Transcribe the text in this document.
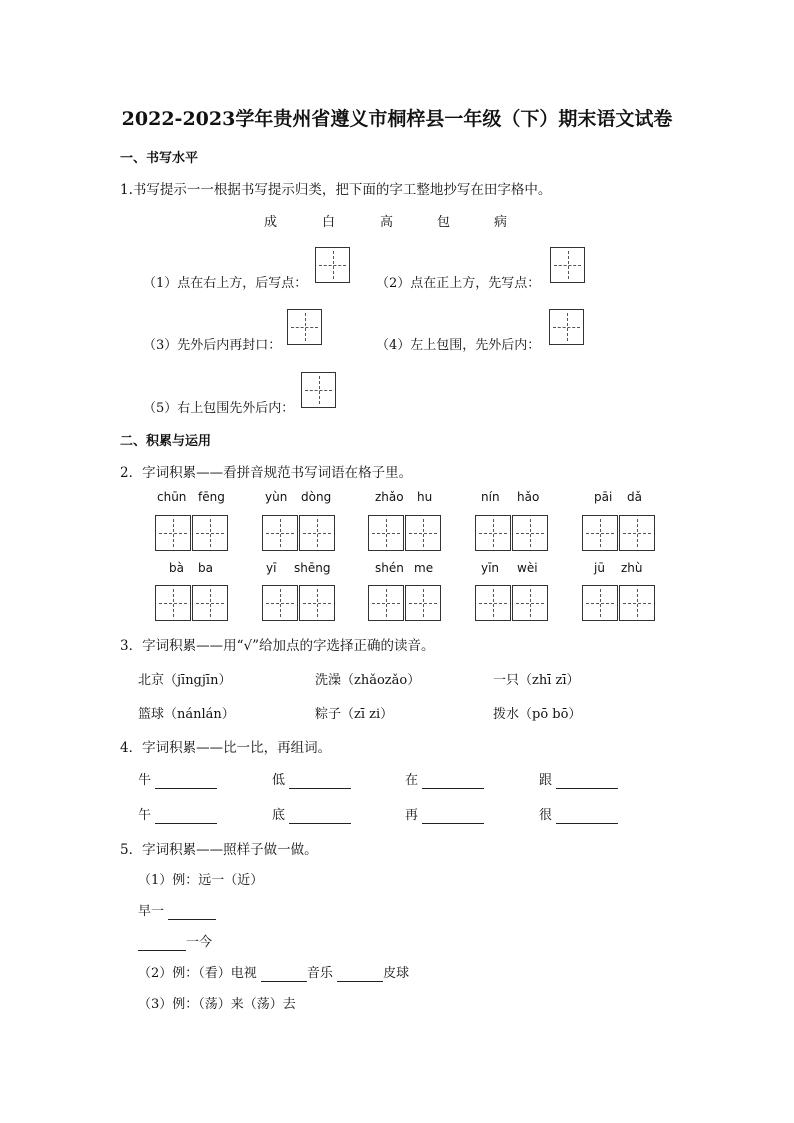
2022-2023学年贵州省遵义市桐梓县一年级（下）期末语文试卷
一、书写水平
1.书写提示一一根据书写提示归类，把下面的字工整地抄写在田字格中。
成	白	高	包	病
（1）点在右上方，后写点：	（2）点在正上方，先写点：
（3）先外后内再封口：	（4）左上包围，先外后内：
（5）右上包围先外后内：
二、积累与运用
2．字词积累——看拼音规范书写词语在格子里。
chūn fēng	yùn dòng	zhǎo hu	nín hǎo	pāi dǎ
bà ba	yī shēng	shén me	yīn wèi	jū zhù
3．字词积累——用“√”给加点的字选择正确的读音。
北京（jīngjīn）	洗澡（zhǎozǎo）	一只（zhī zī）
篮球（nánlán）	粽子（zī zi）	拨水（pō bō）
4．字词积累——比一比，再组词。
牛	低	在	跟
午	底	再	很
5．字词积累——照样子做一做。
（1）例：远一（近）
早一
一今
（2）例：（看）电视	音乐	皮球
（3）例：（荡）来（荡）去
